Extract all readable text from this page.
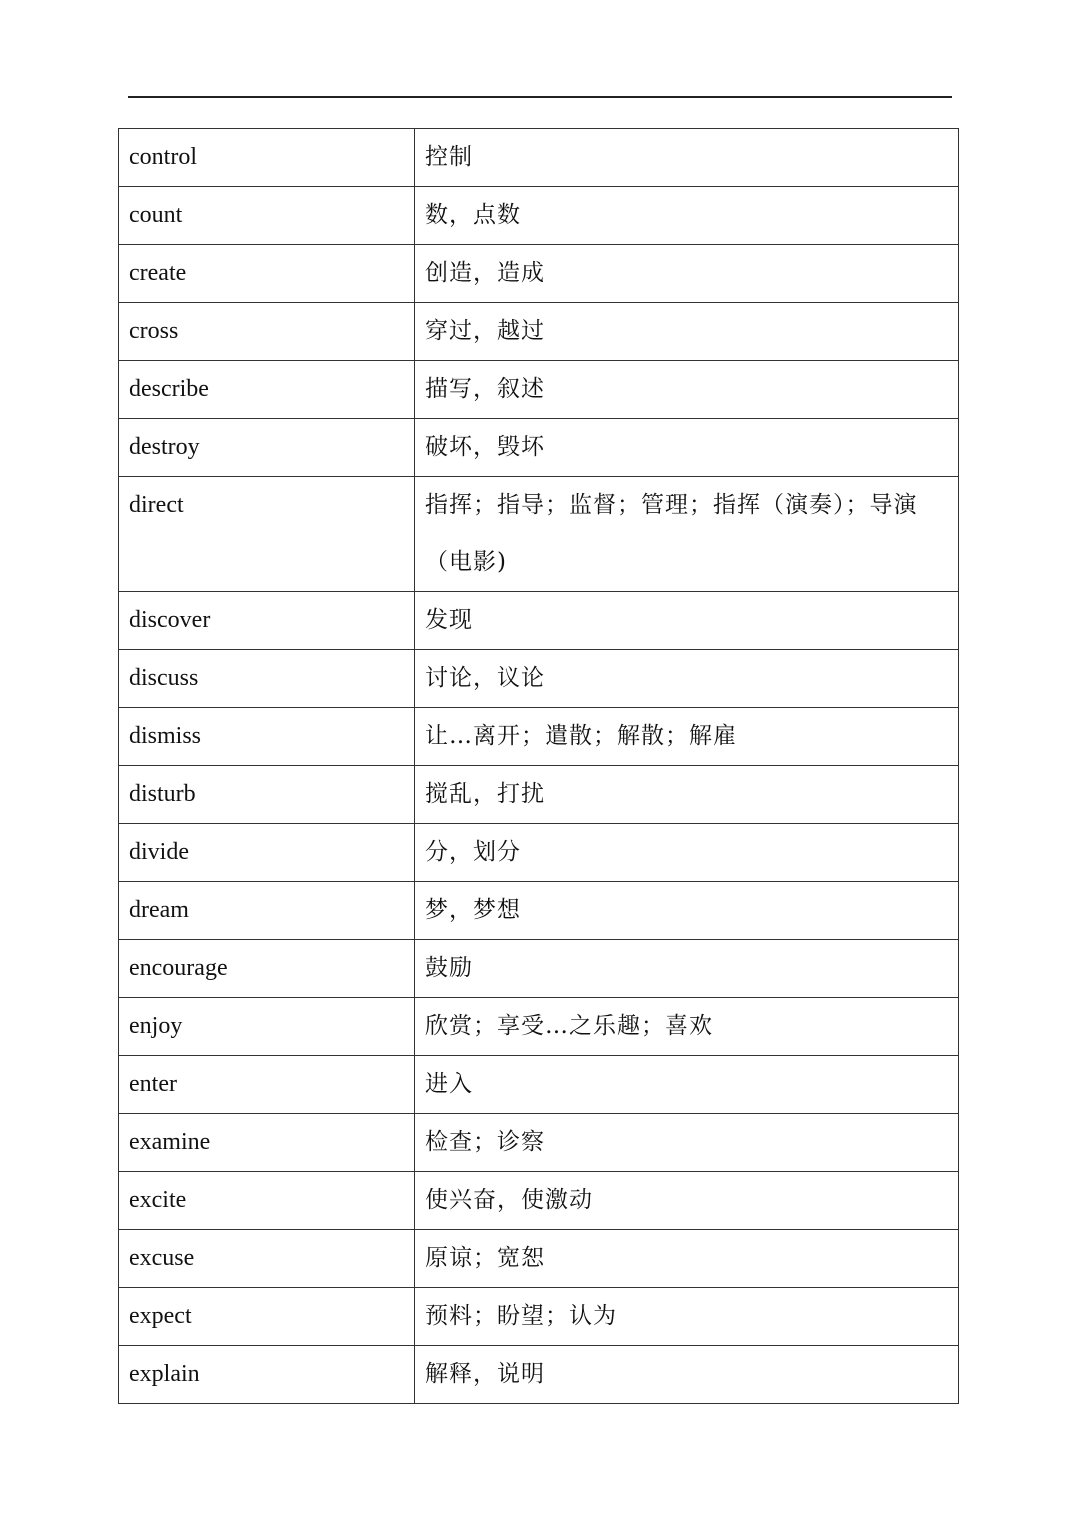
control	控制
count	数，点数
create	创造，造成
cross	穿过，越过
describe	描写，叙述
destroy	破坏，毁坏
direct	指挥；指导；监督；管理；指挥（演奏）；导演（电影)
discover	发现
discuss	讨论，议论
dismiss	让…离开；遣散；解散；解雇
disturb	搅乱，打扰
divide	分，划分
dream	梦，梦想
encourage	鼓励
enjoy	欣赏；享受…之乐趣；喜欢
enter	进入
examine	检查；诊察
excite	使兴奋，使激动
excuse	原谅；宽恕
expect	预料；盼望；认为
explain	解释，说明
